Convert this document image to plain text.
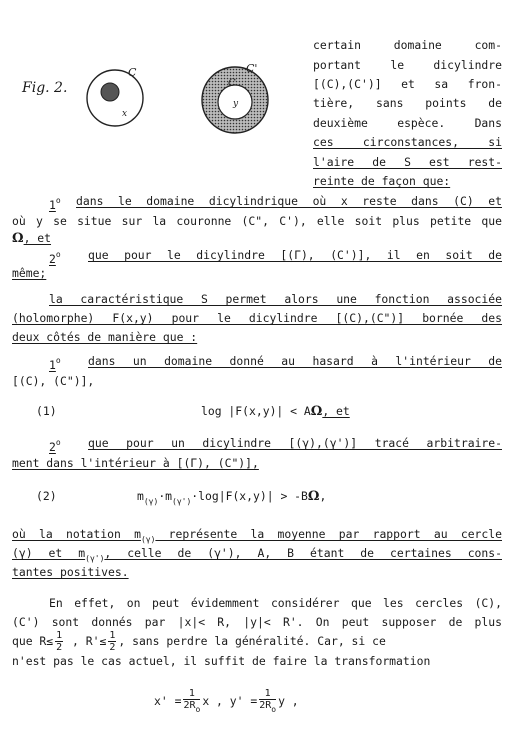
Fig. 2.
C
x
C'
C
y
certain domaine com-
portant le dicylindre
[(C),(C')] et sa fron-
tière, sans points de
deuxième espèce. Dans
ces circonstances, si
l'aire de S est rest-
reinte de façon que:
1$^o$ dans le domaine dicylindrique où x reste dans (C) et
où y se situe sur la couronne (C", C'), elle soit plus petite que
Ω, et
2$^o$ que pour le dicylindre [(Γ), (C')], il en soit de
même;
la caractéristique S permet alors une fonction associée
(holomorphe) F(x,y) pour le dicylindre [(C),(C")] bornée des
deux côtés de manière que :
1$^o$ dans un domaine donné au hasard à l'intérieur de
[(C), (C")],
(1)	log |F(x,y)| < AΩ, et
2$^o$ que pour un dicylindre [(γ),(γ')] tracé arbitraire-
ment dans l'intérieur à [(Γ), (C")],
(2)	$m_{(\gamma)}\cdot m_{(\gamma')}\cdot\log|F(x,y)| > -B\Omega$,
où la notation $m_{(\gamma)}$ représente la moyenne par rapport au cercle
(γ) et $m_{(\gamma')}$, celle de (γ'), A, B étant de certaines cons-
tantes positives.
En effet, on peut évidemment considérer que les cercles (C),
(C') sont donnés par |x|< R, |y|< R'. On peut supposer de plus
que $R\le \frac{1}{2}$ , $R'\le \frac{1}{2}$ , sans perdre la généralité. Car, si ce
n'est pas le cas actuel, il suffit de faire la transformation
$x' = \frac{1}{2R_o}$ x , $y' = \frac{1}{2R_o}$ y ,
